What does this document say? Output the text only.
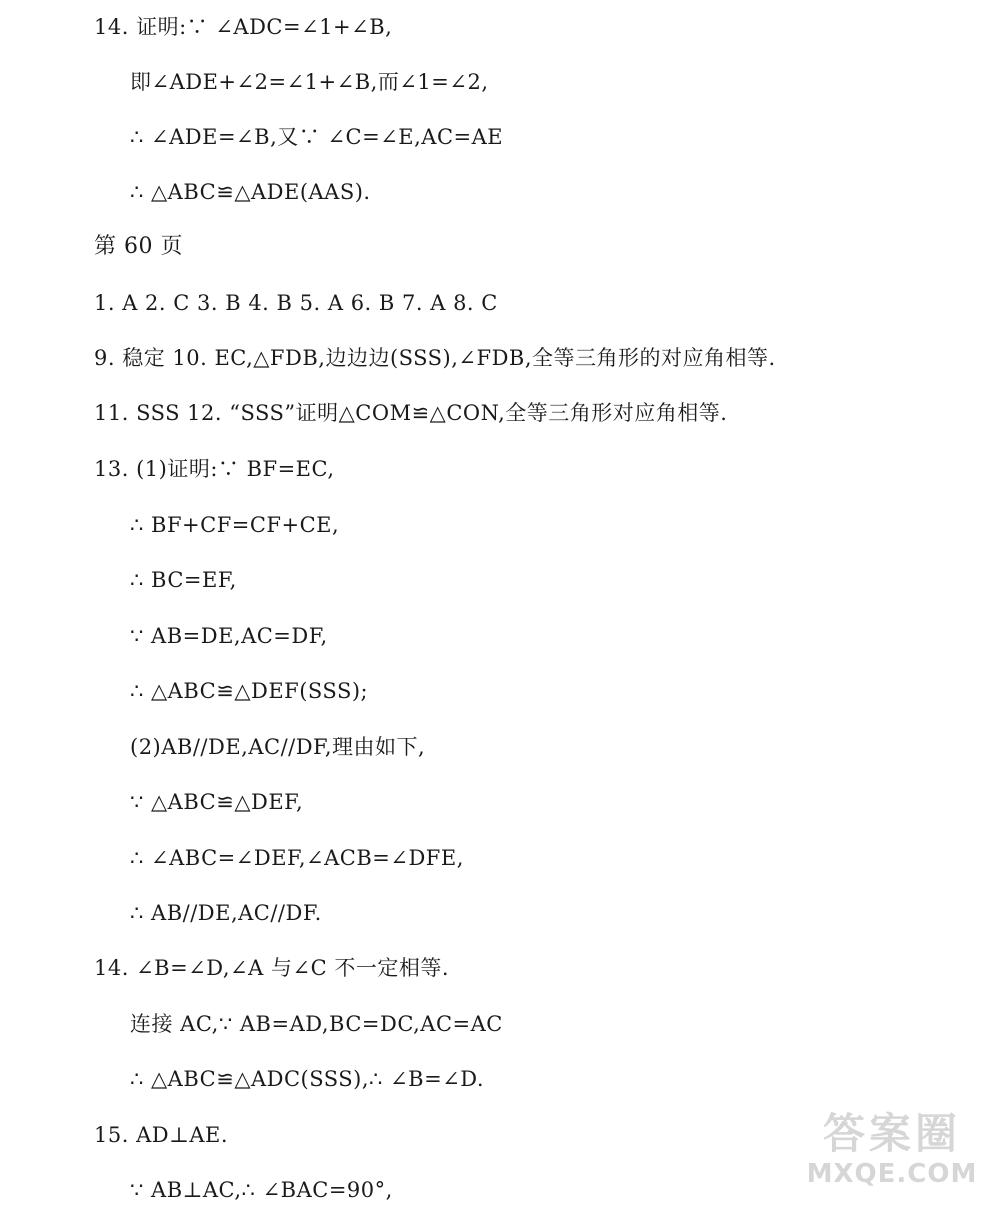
14. 证明:∵ ∠ADC=∠1+∠B,
即∠ADE+∠2=∠1+∠B,而∠1=∠2,
∴ ∠ADE=∠B,又∵ ∠C=∠E,AC=AE
∴ △ABC≌△ADE(AAS).
第 60 页
1. A 2. C 3. B 4. B 5. A 6. B 7. A 8. C
9. 稳定 10. EC,△FDB,边边边(SSS),∠FDB,全等三角形的对应角相等.
11. SSS 12. “SSS”证明△COM≌△CON,全等三角形对应角相等.
13. (1)证明:∵ BF=EC,
∴ BF+CF=CF+CE,
∴ BC=EF,
∵ AB=DE,AC=DF,
∴ △ABC≌△DEF(SSS);
(2)AB//DE,AC//DF,理由如下,
∵ △ABC≌△DEF,
∴ ∠ABC=∠DEF,∠ACB=∠DFE,
∴ AB//DE,AC//DF.
14. ∠B=∠D,∠A 与∠C 不一定相等.
连接 AC,∵ AB=AD,BC=DC,AC=AC
∴ △ABC≌△ADC(SSS),∴ ∠B=∠D.
15. AD⊥AE.
∵ AB⊥AC,∴ ∠BAC=90°,
答案圈
MXQE.COM
